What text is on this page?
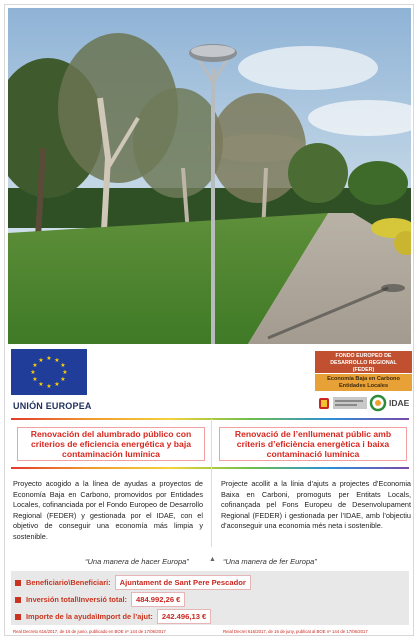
★ ★
★
★
★
★
★
★
★
★
★
★
UNIÓN EUROPEA
FONDO EUROPEO DE
DESARROLLO REGIONAL
(FEDER)
Economía Baja en Carbono
Entidades Locales
IDAE
Renovación del alumbrado público con criterios de eficiencia energética y baja contaminación lumínica
Renovació de l’enllumenat públic amb criteris d’eficiència energètica i baixa contaminació lumínica
Proyecto acogido a la línea de ayudas a proyectos de Economía Baja en Carbono, promovidos por Entidades Locales, cofinanciada por el Fondo Europeo de Desarrollo Regional (FEDER) y gestionada por el IDAE, con el objetivo de conseguir una economía más limpia y sostenible.
Projecte acollit a la línia d’ajuts a projectes d’Economia Baixa en Carboni, promoguts per Entitats Locals, cofinançada pel Fons Europeu de Desenvolupament Regional (FEDER) i gestionada per l’IDAE, amb l’objectiu d’aconseguir una economia més neta i sostenible.
“Una manera de hacer Europa”	▲ “Una manera de fer Europa”
Beneficiario\Beneficiari:	Ajuntament de Sant Pere Pescador
Inversión total\Inversió total:	484.992,26 €
Importe de la ayuda\Import de l’ajut:	242.496,13 €
Real Decreto 616/2017, de 16 de junio, publicado en BOE nº 144 de 17/06/2017	Reial Decret 616/2017, de 16 de juny, publicat al BOE nº 144 de 17/06/2017
